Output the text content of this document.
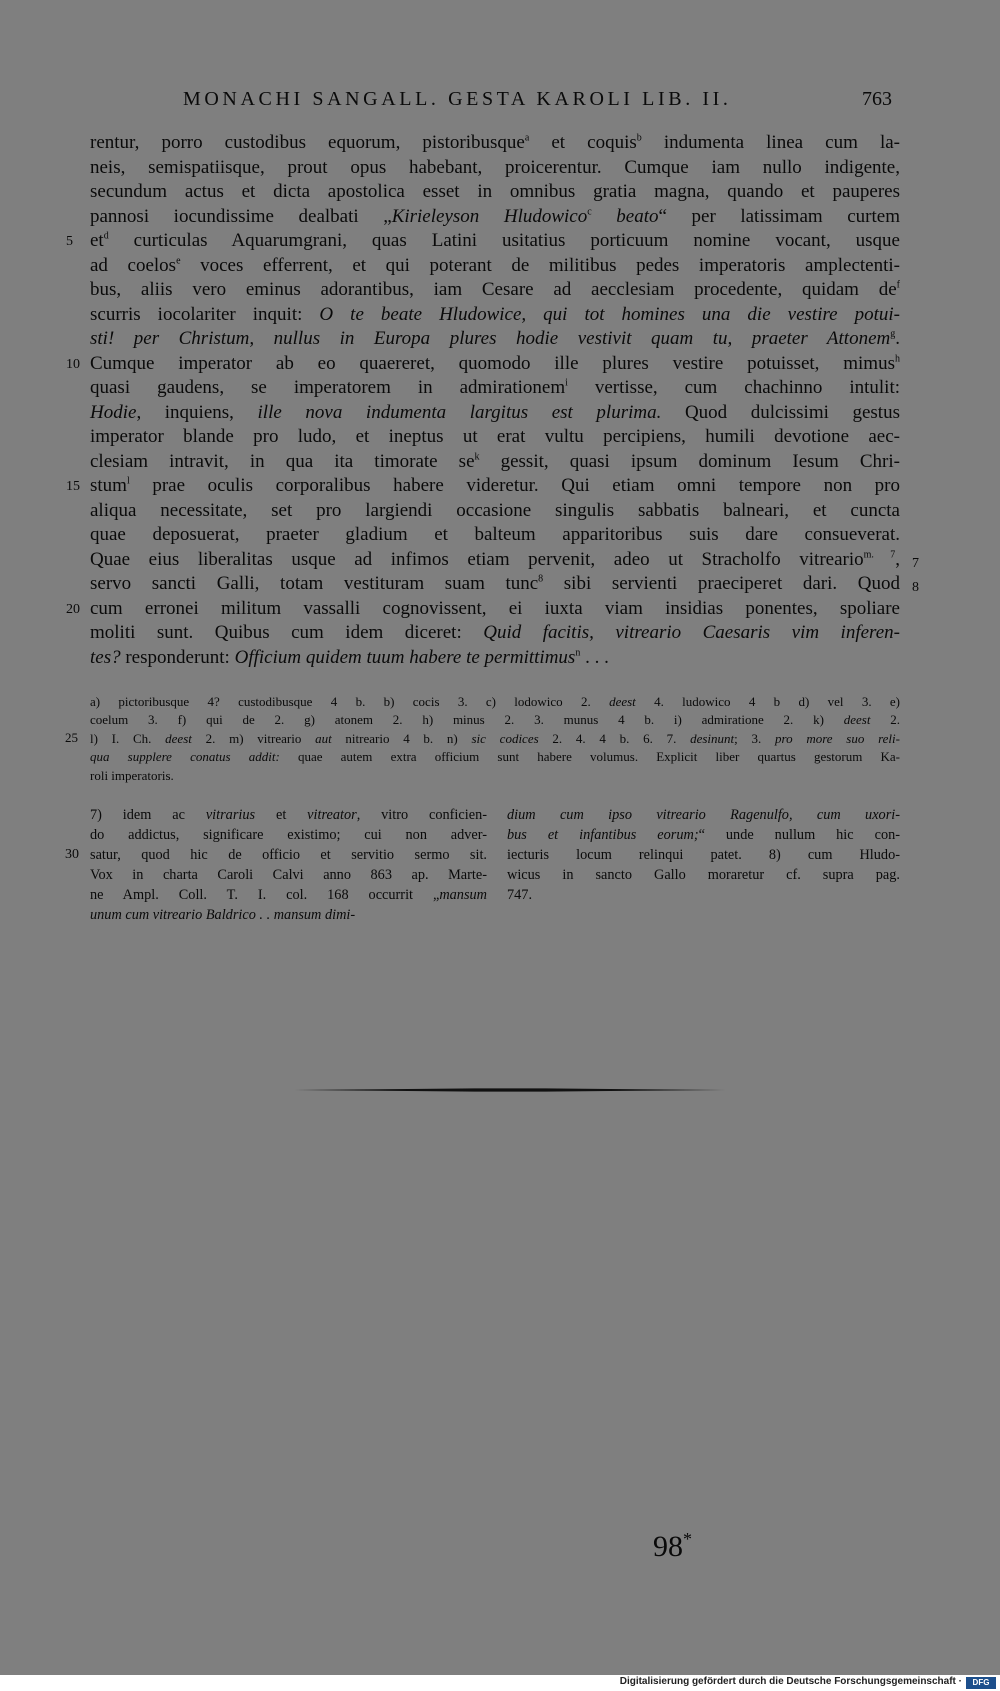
MONACHI SANGALL. GESTA KAROLI LIB. II.	763
rentur, porro custodibus equorum, pistoribusque$^a$ et coquis$^b$ indumenta linea cum la-
neis, semispatiisque, prout opus habebant, proicerentur. Cumque iam nullo indigente,
secundum actus et dicta apostolica esset in omnibus gratia magna, quando et pauperes
pannosi iocundissime dealbati „Kirieleyson Hludowico$^c$ beato“ per latissimam curtem
5 $et^d$ curticulas Aquarumgrani, quas Latini usitatius porticuum nomine vocant, usque
ad coelos$^e$ voces efferrent, et qui poterant de militibus pedes imperatoris amplectenti-
bus, aliis vero eminus adorantibus, iam Cesare ad aecclesiam procedente, quidam $de^f$
scurris iocolariter inquit: O te beate Hludowice, qui tot homines una die vestire potui-
sti! per Christum, nullus in Europa plures hodie vestivit quam tu, praeter Attonem$^g$.
10 Cumque imperator ab eo quaereret, quomodo ille plures vestire potuisset, mimus$^h$
quasi gaudens, se imperatorem in admirationem$^i$ vertisse, cum chachinno intulit:
Hodie, inquiens, ille nova indumenta largitus est plurima. Quod dulcissimi gestus
imperator blande pro ludo, et ineptus ut erat vultu percipiens, humili devotione aec-
clesiam intravit, in qua ita timorate $se^k$ gessit, quasi ipsum dominum Iesum Chri-
15 stum$^l$ prae oculis corporalibus habere videretur. Qui etiam omni tempore non pro
aliqua necessitate, set pro largiendi occasione singulis sabbatis balneari, et cuncta
quae deposuerat, praeter gladium et balteum apparitoribus suis dare consueverat.
Quae eius liberalitas usque ad infimos etiam pervenit, adeo ut Stracholfo vitreario$^{m. 7}$, 7
servo sancti Galli, totam vestituram suam tunc$^8$ sibi servienti praeciperet dari. Quod 8
20 cum erronei militum vassalli cognovissent, ei iuxta viam insidias ponentes, spoliare
moliti sunt. Quibus cum idem diceret: Quid facitis, vitreario Caesaris vim inferen-
tes? responderunt: Officium quidem tuum habere te permittimus$^n$ . . .
a) pictoribusque 4? custodibusque 4 b. b) cocis 3. c) lodowico 2. deest 4. ludowico 4 b d) vel 3. e)
coelum 3. f) qui de 2. g) atonem 2. h) minus 2. 3. munus 4 b. i) admiratione 2. k) deest 2.
25 l) I. Ch. deest 2. m) vitreario aut nitreario 4 b. n) sic codices 2. 4. 4 b. 6. 7. desinunt; 3. pro more suo reli-
qua supplere conatus addit: quae autem extra officium sunt habere volumus. Explicit liber quartus gestorum Ka-
roli imperatoris.
7) idem ac vitrarius et vitreator, vitro conficien-
do addictus, significare existimo; cui non adver-
30 satur, quod hic de officio et servitio sermo sit.
Vox in charta Caroli Calvi anno 863 ap. Marte-
ne Ampl. Coll. T. I. col. 168 occurrit „mansum
unum cum vitreario Baldrico . . mansum dimi-
dium cum ipso vitreario Ragenulfo, cum uxori-
bus et infantibus eorum;“ unde nullum hic con-
iecturis locum relinqui patet. 8) cum Hludo-
wicus in sancto Gallo moraretur cf. supra pag.
747.
98*
Digitalisierung gefördert durch die Deutsche Forschungsgemeinschaft ·	DFG
